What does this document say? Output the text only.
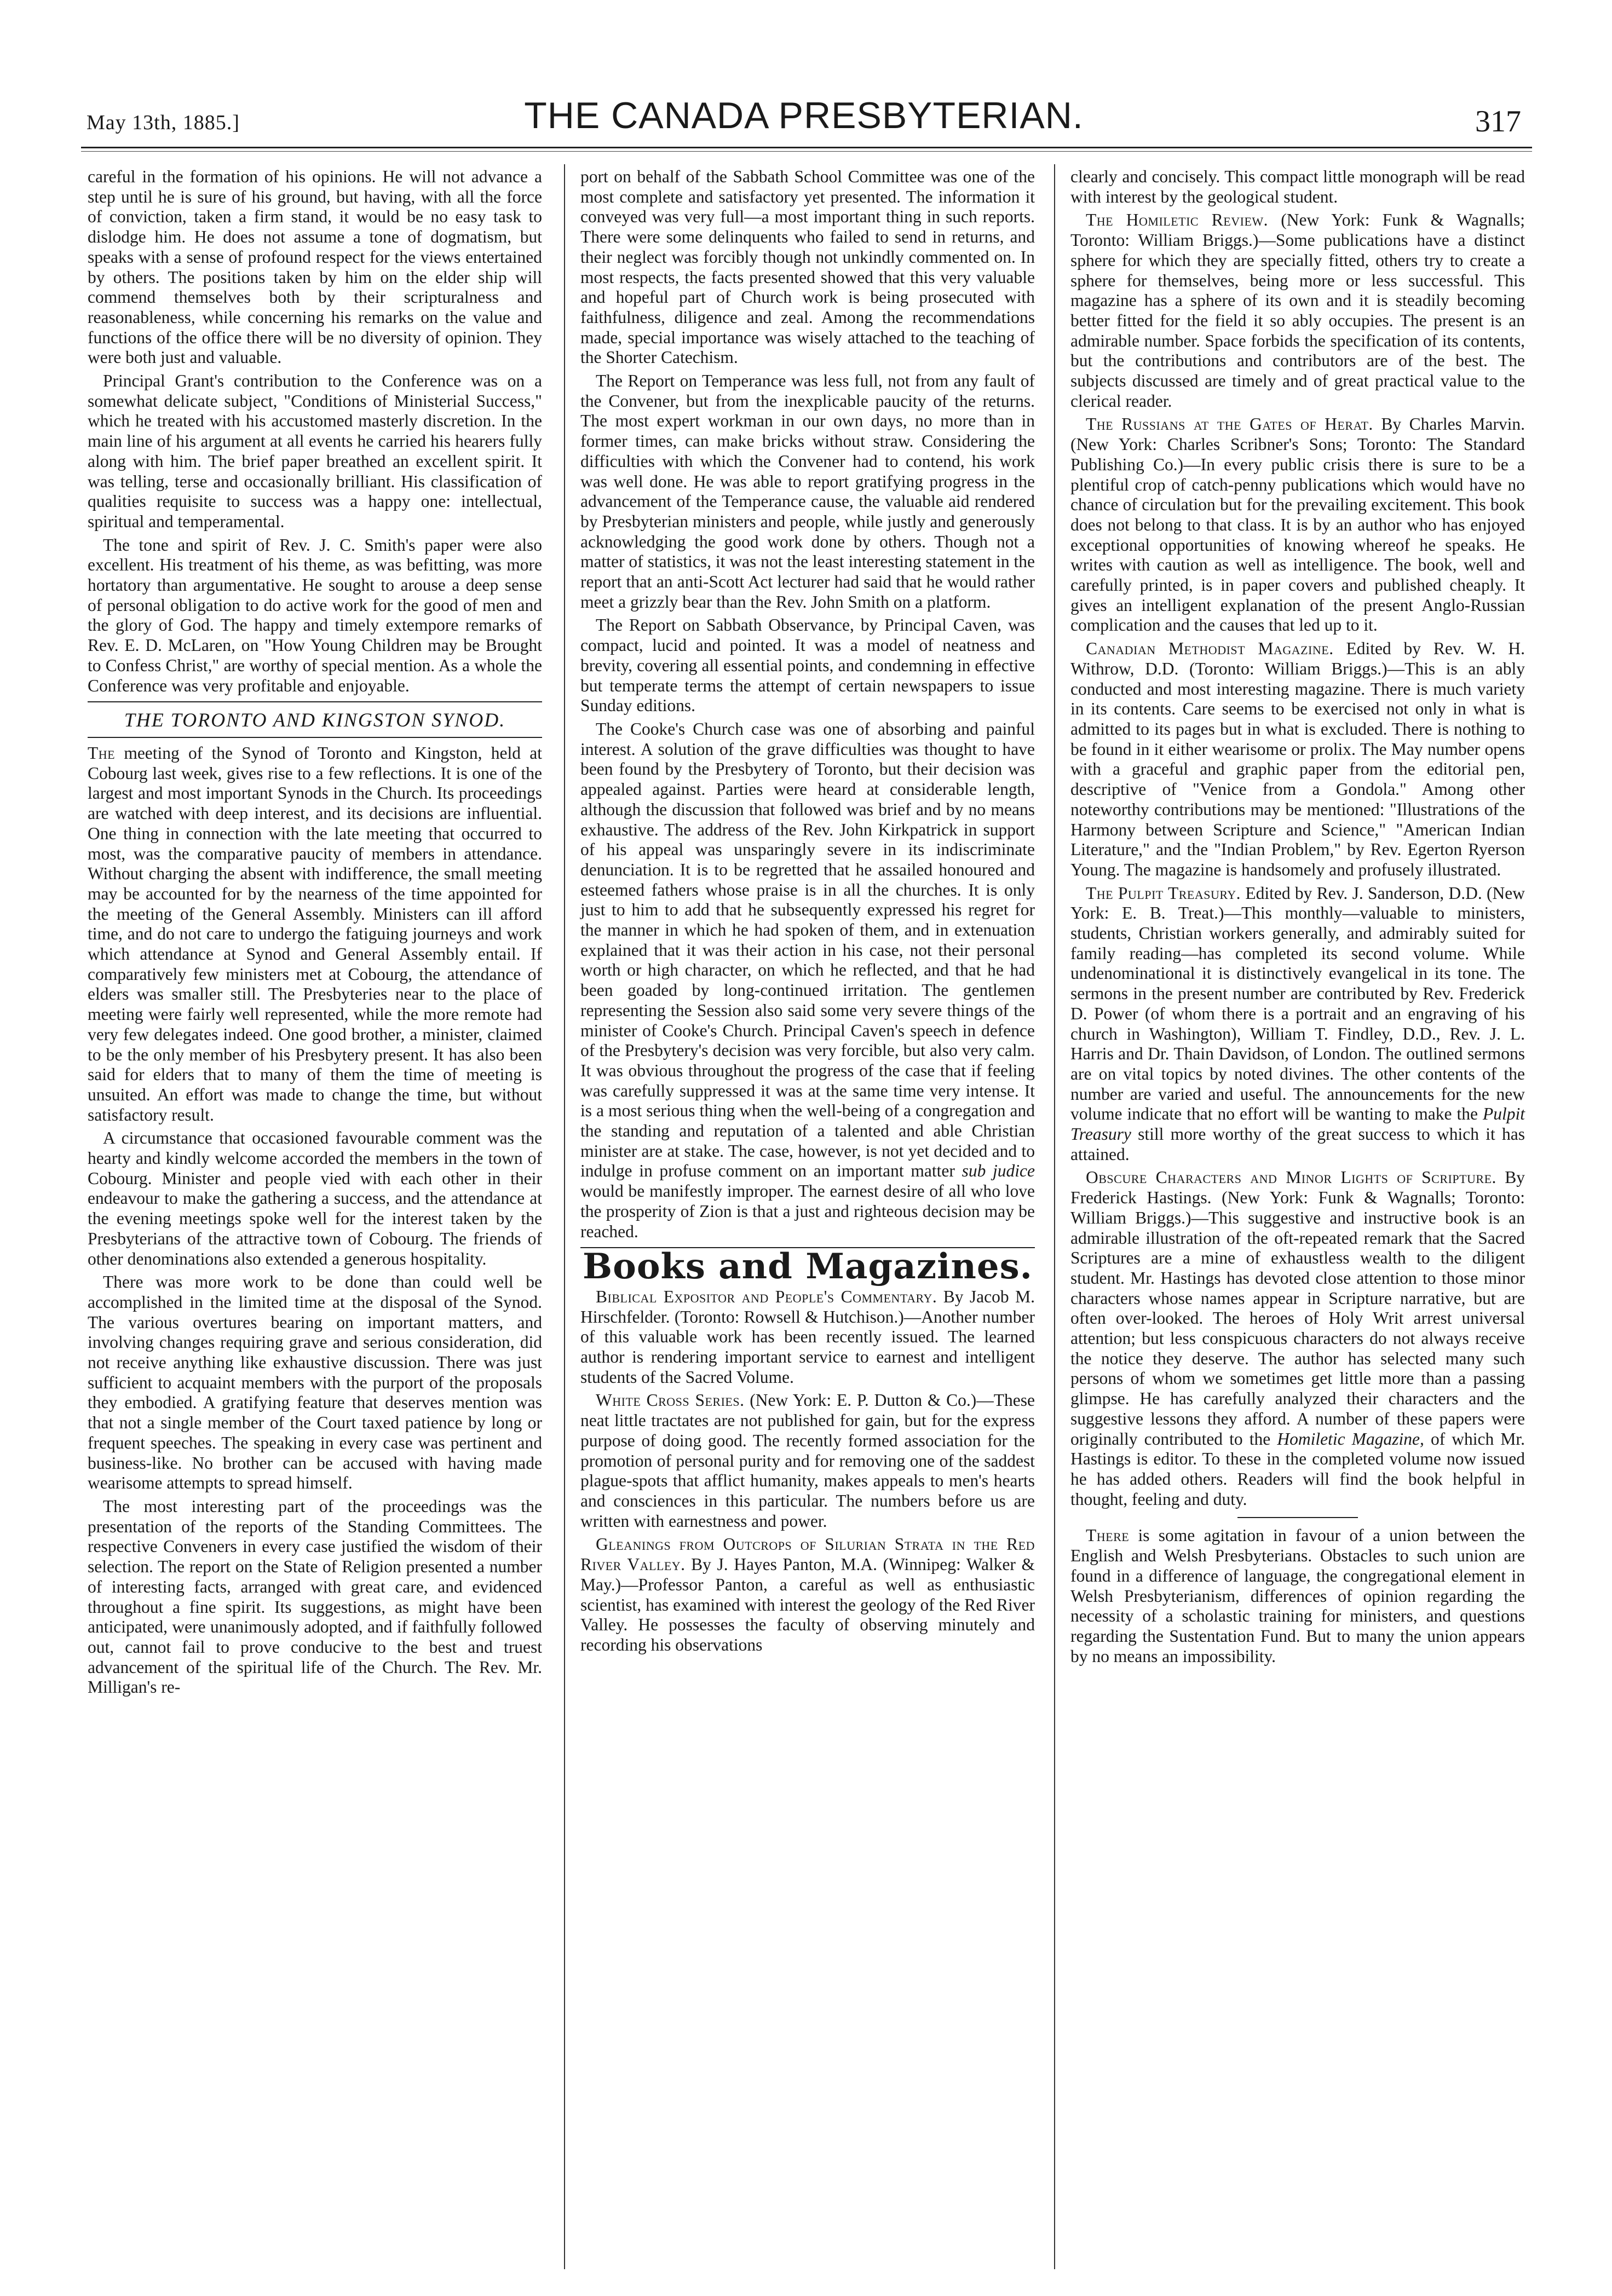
May 13th, 1885.]	THE CANADA PRESBYTERIAN.	317

careful in the formation of his opinions. He will not advance a step until he is sure of his ground, but having, with all the force of conviction, taken a firm stand, it would be no easy task to dislodge him. He does not assume a tone of dogmatism, but speaks with a sense of profound respect for the views entertained by others. The positions taken by him on the elder ship will commend themselves both by their scripturalness and reasonableness, while concerning his remarks on the value and functions of the office there will be no diversity of opinion. They were both just and valuable.

Principal Grant's contribution to the Conference was on a somewhat delicate subject, "Conditions of Ministerial Success," which he treated with his accustomed masterly discretion. In the main line of his argument at all events he carried his hearers fully along with him. The brief paper breathed an excellent spirit. It was telling, terse and occasionally brilliant. His classification of qualities requisite to success was a happy one: intellectual, spiritual and temperamental.

The tone and spirit of Rev. J. C. Smith's paper were also excellent. His treatment of his theme, as was befitting, was more hortatory than argumentative. He sought to arouse a deep sense of personal obligation to do active work for the good of men and the glory of God. The happy and timely extempore remarks of Rev. E. D. McLaren, on "How Young Children may be Brought to Confess Christ," are worthy of special mention. As a whole the Conference was very profitable and enjoyable.

THE TORONTO AND KINGSTON SYNOD.

The meeting of the Synod of Toronto and Kingston, held at Cobourg last week, gives rise to a few reflections. It is one of the largest and most important Synods in the Church. Its proceedings are watched with deep interest, and its decisions are influential. One thing in connection with the late meeting that occurred to most, was the comparative paucity of members in attendance. Without charging the absent with indifference, the small meeting may be accounted for by the nearness of the time appointed for the meeting of the General Assembly. Ministers can ill afford time, and do not care to undergo the fatiguing journeys and work which attendance at Synod and General Assembly entail. If comparatively few ministers met at Cobourg, the attendance of elders was smaller still. The Presbyteries near to the place of meeting were fairly well represented, while the more remote had very few delegates indeed. One good brother, a minister, claimed to be the only member of his Presbytery present. It has also been said for elders that to many of them the time of meeting is unsuited. An effort was made to change the time, but without satisfactory result.

A circumstance that occasioned favourable comment was the hearty and kindly welcome accorded the members in the town of Cobourg. Minister and people vied with each other in their endeavour to make the gathering a success, and the attendance at the evening meetings spoke well for the interest taken by the Presbyterians of the attractive town of Cobourg. The friends of other denominations also extended a generous hospitality.

There was more work to be done than could well be accomplished in the limited time at the disposal of the Synod. The various overtures bearing on important matters, and involving changes requiring grave and serious consideration, did not receive anything like exhaustive discussion. There was just sufficient to acquaint members with the purport of the proposals they embodied. A gratifying feature that deserves mention was that not a single member of the Court taxed patience by long or frequent speeches. The speaking in every case was pertinent and business-like. No brother can be accused with having made wearisome attempts to spread himself.

The most interesting part of the proceedings was the presentation of the reports of the Standing Committees. The respective Conveners in every case justified the wisdom of their selection. The report on the State of Religion presented a number of interesting facts, arranged with great care, and evidenced throughout a fine spirit. Its suggestions, as might have been anticipated, were unanimously adopted, and if faithfully followed out, cannot fail to prove conducive to the best and truest advancement of the spiritual life of the Church. The Rev. Mr. Milligan's re-

port on behalf of the Sabbath School Committee was one of the most complete and satisfactory yet presented. The information it conveyed was very full—a most important thing in such reports. There were some delinquents who failed to send in returns, and their neglect was forcibly though not unkindly commented on. In most respects, the facts presented showed that this very valuable and hopeful part of Church work is being prosecuted with faithfulness, diligence and zeal. Among the recommendations made, special importance was wisely attached to the teaching of the Shorter Catechism.

The Report on Temperance was less full, not from any fault of the Convener, but from the inexplicable paucity of the returns. The most expert workman in our own days, no more than in former times, can make bricks without straw. Considering the difficulties with which the Convener had to contend, his work was well done. He was able to report gratifying progress in the advancement of the Temperance cause, the valuable aid rendered by Presbyterian ministers and people, while justly and generously acknowledging the good work done by others. Though not a matter of statistics, it was not the least interesting statement in the report that an anti-Scott Act lecturer had said that he would rather meet a grizzly bear than the Rev. John Smith on a platform.

The Report on Sabbath Observance, by Principal Caven, was compact, lucid and pointed. It was a model of neatness and brevity, covering all essential points, and condemning in effective but temperate terms the attempt of certain newspapers to issue Sunday editions.

The Cooke's Church case was one of absorbing and painful interest. A solution of the grave difficulties was thought to have been found by the Presbytery of Toronto, but their decision was appealed against. Parties were heard at considerable length, although the discussion that followed was brief and by no means exhaustive. The address of the Rev. John Kirkpatrick in support of his appeal was unsparingly severe in its indiscriminate denunciation. It is to be regretted that he assailed honoured and esteemed fathers whose praise is in all the churches. It is only just to him to add that he subsequently expressed his regret for the manner in which he had spoken of them, and in extenuation explained that it was their action in his case, not their personal worth or high character, on which he reflected, and that he had been goaded by long-continued irritation. The gentlemen representing the Session also said some very severe things of the minister of Cooke's Church. Principal Caven's speech in defence of the Presbytery's decision was very forcible, but also very calm. It was obvious throughout the progress of the case that if feeling was carefully suppressed it was at the same time very intense. It is a most serious thing when the well-being of a congregation and the standing and reputation of a talented and able Christian minister are at stake. The case, however, is not yet decided and to indulge in profuse comment on an important matter sub judice would be manifestly improper. The earnest desire of all who love the prosperity of Zion is that a just and righteous decision may be reached.

Books and Magazines.

Biblical Expositor and People's Commentary. By Jacob M. Hirschfelder. (Toronto: Rowsell & Hutchison.)—Another number of this valuable work has been recently issued. The learned author is rendering important service to earnest and intelligent students of the Sacred Volume.

White Cross Series. (New York: E. P. Dutton & Co.)—These neat little tractates are not published for gain, but for the express purpose of doing good. The recently formed association for the promotion of personal purity and for removing one of the saddest plague-spots that afflict humanity, makes appeals to men's hearts and consciences in this particular. The numbers before us are written with earnestness and power.

Gleanings from Outcrops of Silurian Strata in the Red River Valley. By J. Hayes Panton, M.A. (Winnipeg: Walker & May.)—Professor Panton, a careful as well as enthusiastic scientist, has examined with interest the geology of the Red River Valley. He possesses the faculty of observing minutely and recording his observations

clearly and concisely. This compact little monograph will be read with interest by the geological student.

The Homiletic Review. (New York: Funk & Wagnalls; Toronto: William Briggs.)—Some publications have a distinct sphere for which they are specially fitted, others try to create a sphere for themselves, being more or less successful. This magazine has a sphere of its own and it is steadily becoming better fitted for the field it so ably occupies. The present is an admirable number. Space forbids the specification of its contents, but the contributions and contributors are of the best. The subjects discussed are timely and of great practical value to the clerical reader.

The Russians at the Gates of Herat. By Charles Marvin. (New York: Charles Scribner's Sons; Toronto: The Standard Publishing Co.)—In every public crisis there is sure to be a plentiful crop of catch-penny publications which would have no chance of circulation but for the prevailing excitement. This book does not belong to that class. It is by an author who has enjoyed exceptional opportunities of knowing whereof he speaks. He writes with caution as well as intelligence. The book, well and carefully printed, is in paper covers and published cheaply. It gives an intelligent explanation of the present Anglo-Russian complication and the causes that led up to it.

Canadian Methodist Magazine. Edited by Rev. W. H. Withrow, D.D. (Toronto: William Briggs.)—This is an ably conducted and most interesting magazine. There is much variety in its contents. Care seems to be exercised not only in what is admitted to its pages but in what is excluded. There is nothing to be found in it either wearisome or prolix. The May number opens with a graceful and graphic paper from the editorial pen, descriptive of "Venice from a Gondola." Among other noteworthy contributions may be mentioned: "Illustrations of the Harmony between Scripture and Science," "American Indian Literature," and the "Indian Problem," by Rev. Egerton Ryerson Young. The magazine is handsomely and profusely illustrated.

The Pulpit Treasury. Edited by Rev. J. Sanderson, D.D. (New York: E. B. Treat.)—This monthly—valuable to ministers, students, Christian workers generally, and admirably suited for family reading—has completed its second volume. While undenominational it is distinctively evangelical in its tone. The sermons in the present number are contributed by Rev. Frederick D. Power (of whom there is a portrait and an engraving of his church in Washington), William T. Findley, D.D., Rev. J. L. Harris and Dr. Thain Davidson, of London. The outlined sermons are on vital topics by noted divines. The other contents of the number are varied and useful. The announcements for the new volume indicate that no effort will be wanting to make the Pulpit Treasury still more worthy of the great success to which it has attained.

Obscure Characters and Minor Lights of Scripture. By Frederick Hastings. (New York: Funk & Wagnalls; Toronto: William Briggs.)—This suggestive and instructive book is an admirable illustration of the oft-repeated remark that the Sacred Scriptures are a mine of exhaustless wealth to the diligent student. Mr. Hastings has devoted close attention to those minor characters whose names appear in Scripture narrative, but are often over-looked. The heroes of Holy Writ arrest universal attention; but less conspicuous characters do not always receive the notice they deserve. The author has selected many such persons of whom we sometimes get little more than a passing glimpse. He has carefully analyzed their characters and the suggestive lessons they afford. A number of these papers were originally contributed to the Homiletic Magazine, of which Mr. Hastings is editor. To these in the completed volume now issued he has added others. Readers will find the book helpful in thought, feeling and duty.

There is some agitation in favour of a union between the English and Welsh Presbyterians. Obstacles to such union are found in a difference of language, the congregational element in Welsh Presbyterianism, differences of opinion regarding the necessity of a scholastic training for ministers, and questions regarding the Sustentation Fund. But to many the union appears by no means an impossibility.
